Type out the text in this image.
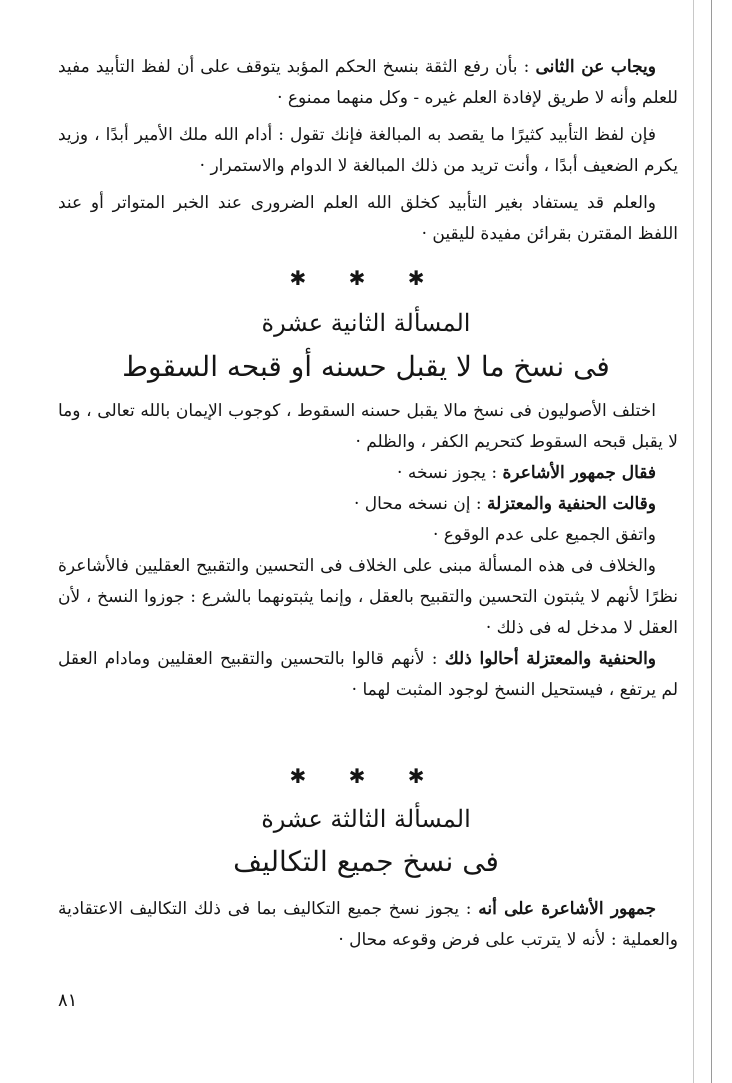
ويجاب عن الثانى : بأن رفع الثقة بنسخ الحكم المؤبد يتوقف على أن لفظ التأبيد مفيد للعلم وأنه لا طريق لإفادة العلم غيره - وكل منهما ممنوع ·

فإن لفظ التأبيد كثيرًا ما يقصد به المبالغة فإنك تقول : أدام الله ملك الأمير أبدًا ، وزيد يكرم الضعيف أبدًا ، وأنت تريد من ذلك المبالغة لا الدوام والاستمرار ·

والعلم قد يستفاد بغير التأبيد كخلق الله العلم الضرورى عند الخبر المتواتر أو عند اللفظ المقترن بقرائن مفيدة لليقين ·

✱ ✱ ✱
المسألة الثانية عشرة
فى نسخ ما لا يقبل حسنه أو قبحه السقوط

اختلف الأصوليون فى نسخ مالا يقبل حسنه السقوط ، كوجوب الإيمان بالله تعالى ، وما لا يقبل قبحه السقوط كتحريم الكفر ، والظلم ·

فقال جمهور الأشاعرة : يجوز نسخه ·

وقالت الحنفية والمعتزلة : إن نسخه محال ·

واتفق الجميع على عدم الوقوع ·

والخلاف فى هذه المسألة مبنى على الخلاف فى التحسين والتقبيح العقليين فالأشاعرة نظرًا لأنهم لا يثبتون التحسين والتقبيح بالعقل ، وإنما يثبتونهما بالشرع : جوزوا النسخ ، لأن العقل لا مدخل له فى ذلك ·

والحنفية والمعتزلة أحالوا ذلك : لأنهم قالوا بالتحسين والتقبيح العقليين ومادام العقل لم يرتفع ، فيستحيل النسخ لوجود المثبت لهما ·

✱ ✱ ✱
المسألة الثالثة عشرة
فى نسخ جميع التكاليف

جمهور الأشاعرة على أنه : يجوز نسخ جميع التكاليف بما فى ذلك التكاليف الاعتقادية والعملية : لأنه لا يترتب على فرض وقوعه محال ·

٨١
